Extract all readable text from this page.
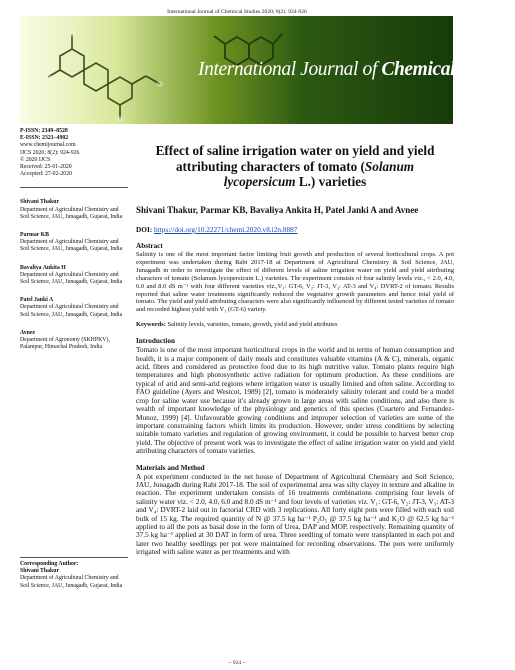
International Journal of Chemical Studies 2020; 8(2): 924-926
International Journal of Chemical Studies
P-ISSN: 2349–8528
E-ISSN: 2321–4902
www.chemijournal.com
IJCS 2020; 8(2): 924-926
© 2020 IJCS
Received: 25-01-2020
Accepted: 27-02-2020
Shivani Thakur
Department of Agricultural Chemistry and Soil Science, JAU, Junagadh, Gujarat, India
Parmar KB
Department of Agricultural Chemistry and Soil Science, JAU, Junagadh, Gujarat, India
Bavaliya Ankita H
Department of Agricultural Chemistry and Soil Science, JAU, Junagadh, Gujarat, India
Patel Janki A
Department of Agricultural Chemistry and Soil Science, JAU, Junagadh, Gujarat, India
Avnee
Department of Agronomy (SKHPKV), Palampur, Himachal Pradesh, India
Corresponding Author:
Shivani Thakur
Department of Agricultural Chemistry and Soil Science, JAU, Junagadh, Gujarat, India
Effect of saline irrigation water on yield and yield attributing characters of tomato (Solanum lycopersicum L.) varieties
Shivani Thakur, Parmar KB, Bavaliya Ankita H, Patel Janki A and Avnee
DOI: https://doi.org/10.22271/chemi.2020.v8.i2n.8887
Abstract

Salinity is one of the most important factor limiting fruit growth and production of several horticultural crops. A pot experiment was undertaken during Rabi 2017-18 at Department of Agricultural Chemistry & Soil Science, JAU, Junagadh in order to investigate the effect of different levels of saline irrigation water on yield and yield attributing characters of tomato (Solanum lycopersicum L.) varieties. The experiment consists of four salinity levels viz., < 2.0, 4.0, 6.0 and 8.0 dS m⁻¹ with four different varieties viz.,V₁: GT-6, V₂: JT-3, V₃: AT-3 and V₄: DVRT-2 of tomato. Results reported that saline water treatments significantly reduced the vegetative growth parameters and hence total yield of tomato. The yield and yield attributing characters were also significantly influenced by different tested varieties of tomato and recorded highest yield with V₁ (GT-6) variety.

Keywords: Salinity levels, varieties, tomato, growth, yield and yield attributes
Introduction

Tomato is one of the most important horticultural crops in the world and in terms of human consumption and health, it is a major component of daily meals and constitutes valuable vitamins (A & C), minerals, organic acid, fibres and considered as protective food due to its high nutritive value. Tomato plants require high temperatures and high photosynthetic active radiation for optimum production. As these conditions are typical of arid and semi-arid regions where irrigation water is usually limited and often saline. According to FAO guideline (Ayers and Westcot, 1989) [2], tomato is moderately salinity tolerant and could be a model crop for saline water use because it's already grown in large areas with saline conditions, and also there is wealth of important knowledge of the physiology and genetics of this species (Cuartero and Fernandez-Munoz, 1999) [4]. Unfavourable growing conditions and improper selection of varieties are some of the important constraining factors which limits its production. However, under stress conditions by selecting suitable tomato varieties and regulation of growing environment, it could be possible to harvest better crop yield. The objective of present work was to investigate the effect of saline irrigation water on yield and yield attributing characters of tomato varieties.

Materials and Method

A pot experiment conducted in the net house of Department of Agricultural Chemistry and Soil Science, JAU, Junagadh during Rabi 2017-18. The soil of experimental area was silty clayey in texture and alkaline in reaction. The experiment undertaken consists of 16 treatments combinations comprising four levels of salinity water viz. < 2.0, 4.0, 6.0 and 8.0 dS m⁻¹ and four levels of varieties viz. V₁: GT-6, V₂: JT-3, V₃: AT-3 and V₄: DVRT-2 laid out in factorial CRD with 3 replications. All forty eight pots were filled with each soil bulk of 15 kg. The required quantity of N @ 37.5 kg ha⁻¹ P₂O₅ @ 37.5 kg ha⁻¹ and K₂O @ 62.5 kg ha⁻¹ applied to all the pots as basal dose in the form of Urea, DAP and MOP, respectively. Remaining quantity of 37.5 kg ha⁻¹ applied at 30 DAT in form of urea. Three seedling of tomato were transplanted in each pot and later two healthy seedlings per pot were maintained for recording observations. The pots were uniformly irrigated with saline water as per treatments and with

~ 924 ~
